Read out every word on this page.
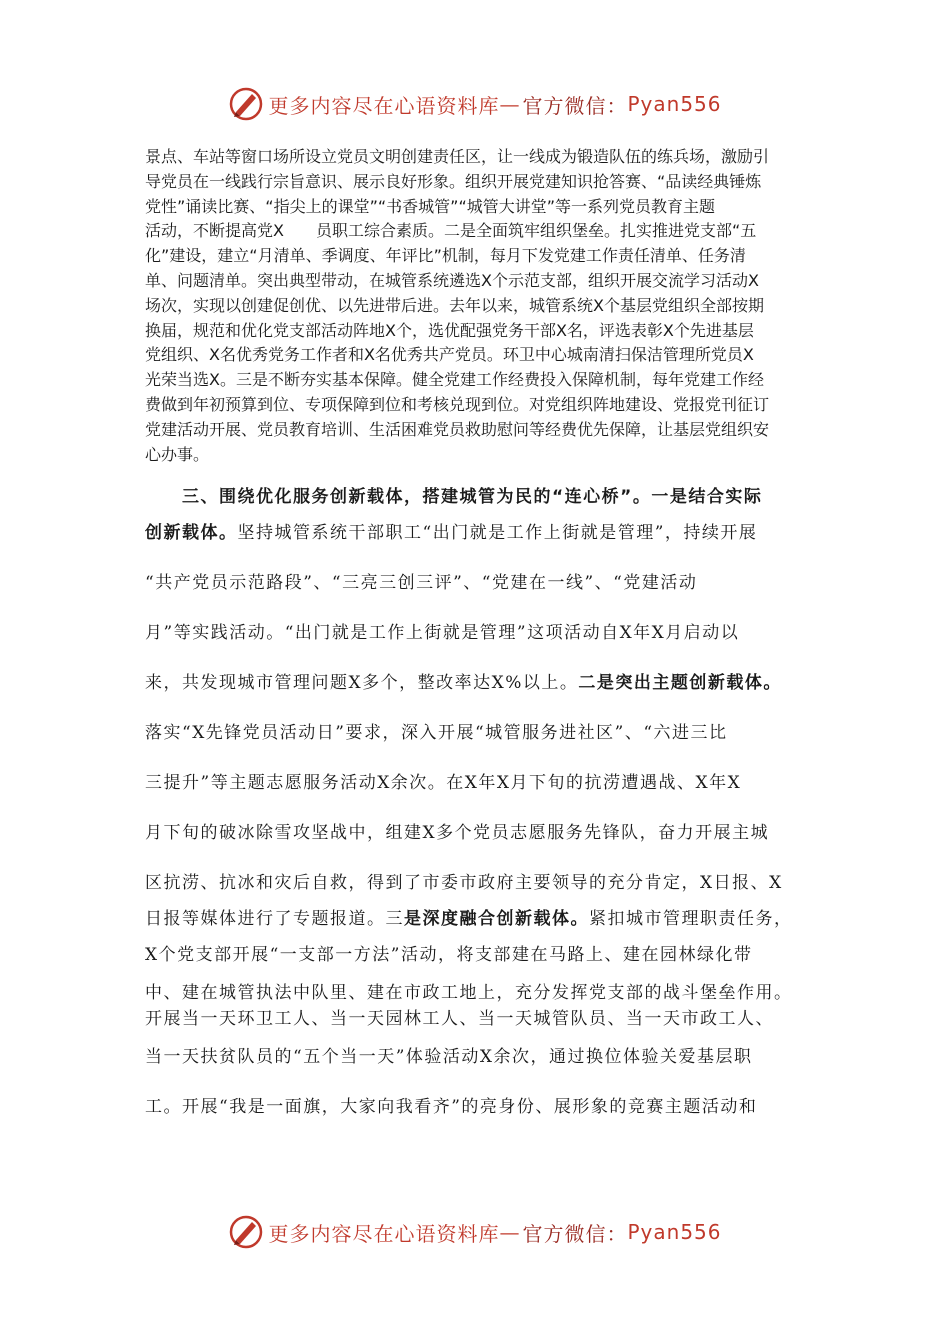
更多内容尽在心语资料库 — 官方微信： Pyan556
景点、车站等窗口场所设立党员文明创建责任区，让一线成为锻造队伍的练兵场，激励引
导党员在一线践行宗旨意识、展示良好形象。组织开展党建知识抢答赛、“品读经典锤炼
党性”诵读比赛、“指尖上的课堂”“书香城管”“城管大讲堂”等一系列党员教育主题
活动，不断提高党X　　员职工综合素质。二是全面筑牢组织堡垒。扎实推进党支部“五
化”建设，建立“月清单、季调度、年评比”机制，每月下发党建工作责任清单、任务清
单、问题清单。突出典型带动，在城管系统遴选X个示范支部，组织开展交流学习活动X
场次，实现以创建促创优、以先进带后进。去年以来，城管系统X个基层党组织全部按期
换届，规范和优化党支部活动阵地X个，选优配强党务干部X名，评选表彰X个先进基层
党组织、X名优秀党务工作者和X名优秀共产党员。环卫中心城南清扫保洁管理所党员X
光荣当选X。三是不断夯实基本保障。健全党建工作经费投入保障机制，每年党建工作经
费做到年初预算到位、专项保障到位和考核兑现到位。对党组织阵地建设、党报党刊征订
党建活动开展、党员教育培训、生活困难党员救助慰问等经费优先保障，让基层党组织安
心办事。
　　三、围绕优化服务创新载体，搭建城管为民的“连心桥”。一是结合实际
创新载体。坚持城管系统干部职工“出门就是工作上街就是管理”，持续开展
“共产党员示范路段”、“三亮三创三评”、“党建在一线”、“党建活动
月”等实践活动。“出门就是工作上街就是管理”这项活动自X年X月启动以
来，共发现城市管理问题X多个，整改率达X%以上。二是突出主题创新载体。
落实“X先锋党员活动日”要求，深入开展“城管服务进社区”、“六进三比
三提升”等主题志愿服务活动X余次。在X年X月下旬的抗涝遭遇战、X年X
月下旬的破冰除雪攻坚战中，组建X多个党员志愿服务先锋队，奋力开展主城
区抗涝、抗冰和灾后自救，得到了市委市政府主要领导的充分肯定，X日报、X
日报等媒体进行了专题报道。三是深度融合创新载体。紧扣城市管理职责任务，
X个党支部开展“一支部一方法”活动，将支部建在马路上、建在园林绿化带
中、建在城管执法中队里、建在市政工地上，充分发挥党支部的战斗堡垒作用。
开展当一天环卫工人、当一天园林工人、当一天城管队员、当一天市政工人、
当一天扶贫队员的“五个当一天”体验活动X余次，通过换位体验关爱基层职
工。开展“我是一面旗，大家向我看齐”的亮身份、展形象的竞赛主题活动和
更多内容尽在心语资料库 — 官方微信： Pyan556
